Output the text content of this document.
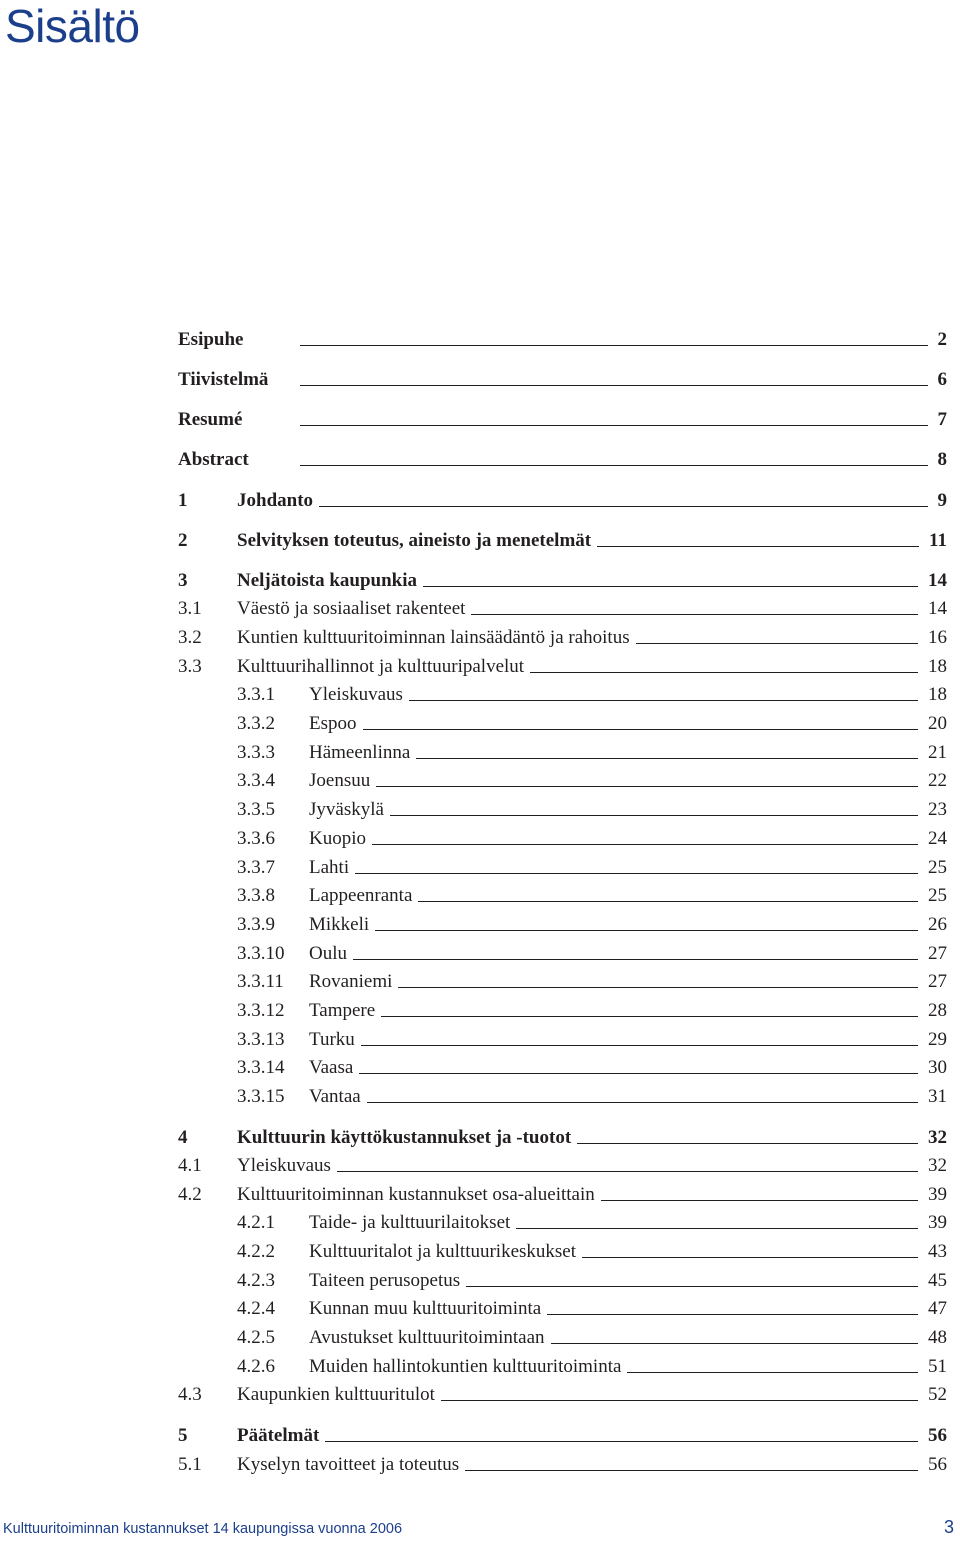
Sisältö
Esipuhe	2
Tiivistelmä	6
Resumé	7
Abstract	8
1	Johdanto	9
2	Selvityksen toteutus, aineisto ja menetelmät	11
3	Neljätoista kaupunkia	14
3.1 Väestö ja sosiaaliset rakenteet	14
3.2 Kuntien kulttuuritoiminnan lainsäädäntö ja rahoitus	16
3.3 Kulttuurihallinnot ja kulttuuripalvelut	18
3.3.1 Yleiskuvaus	18
3.3.2 Espoo	20
3.3.3 Hämeenlinna	21
3.3.4 Joensuu	22
3.3.5 Jyväskylä	23
3.3.6 Kuopio	24
3.3.7 Lahti	25
3.3.8 Lappeenranta	25
3.3.9 Mikkeli	26
3.3.10 Oulu	27
3.3.11 Rovaniemi	27
3.3.12 Tampere	28
3.3.13 Turku	29
3.3.14 Vaasa	30
3.3.15 Vantaa	31
4	Kulttuurin käyttökustannukset ja -tuotot	32
4.1 Yleiskuvaus	32
4.2 Kulttuuritoiminnan kustannukset osa-alueittain	39
4.2.1 Taide- ja kulttuurilaitokset	39
4.2.2 Kulttuuritalot ja kulttuurikeskukset	43
4.2.3 Taiteen perusopetus	45
4.2.4 Kunnan muu kulttuuritoiminta	47
4.2.5 Avustukset kulttuuritoimintaan	48
4.2.6 Muiden hallintokuntien kulttuuritoiminta	51
4.3 Kaupunkien kulttuuritulot	52
5	Päätelmät	56
5.1 Kyselyn tavoitteet ja toteutus	56
Kulttuuritoiminnan kustannukset 14 kaupungissa vuonna 2006	3
